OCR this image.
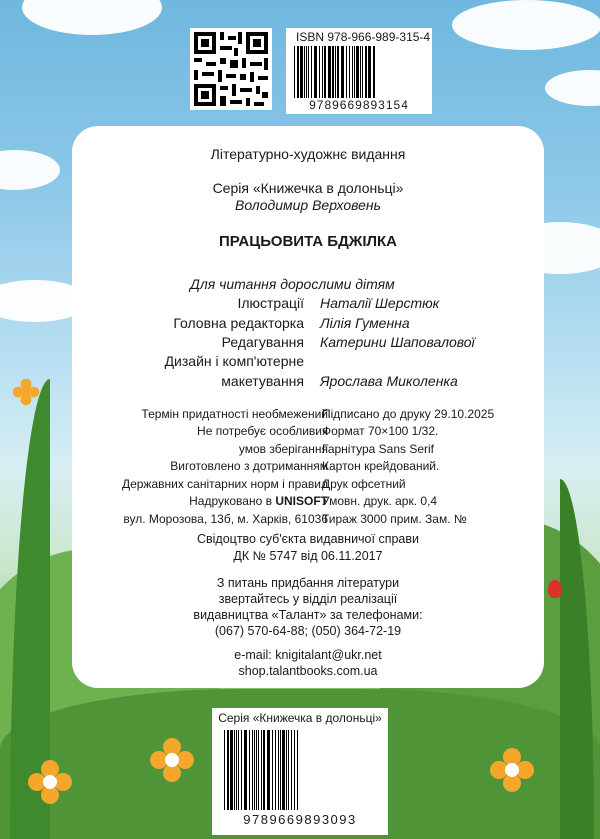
ISBN 978-966-989-315-4
9789669893154
Літературно-художнє видання
Серія «Книжечка в долоньці»
Володимир Верховень
ПРАЦЬОВИТА БДЖІЛКА
Для читання дорослими дітям
Ілюстрації Наталії Шерстюк
Головна редакторка Лілія Гуменна
Редагування Катерини Шаповалової
Дизайн і комп'ютерне
макетування Ярослава Миколенка
Термін придатності необмежений
Не потребує особливих
умов зберігання
Виготовлено з дотриманням
Державних санітарних норм і правил
Надруковано в UNISOFT
вул. Морозова, 13б, м. Харків, 61036
Підписано до друку 29.10.2025
Формат 70×100 1/32.
Гарнітура Sans Serif
Картон крейдований.
Друк офсетний
Умовн. друк. арк. 0,4
Тираж 3000 прим. Зам. №
Свідоцтво суб'єкта видавничої справи
ДК № 5747 від 06.11.2017
З питань придбання літератури
звертайтесь у відділ реалізації
видавництва «Талант» за телефонами:
(067) 570-64-88; (050) 364-72-19
e-mail: knigitalant@ukr.net
shop.talantbooks.com.ua
Серія «Книжечка в долоньці»
9789669893093
